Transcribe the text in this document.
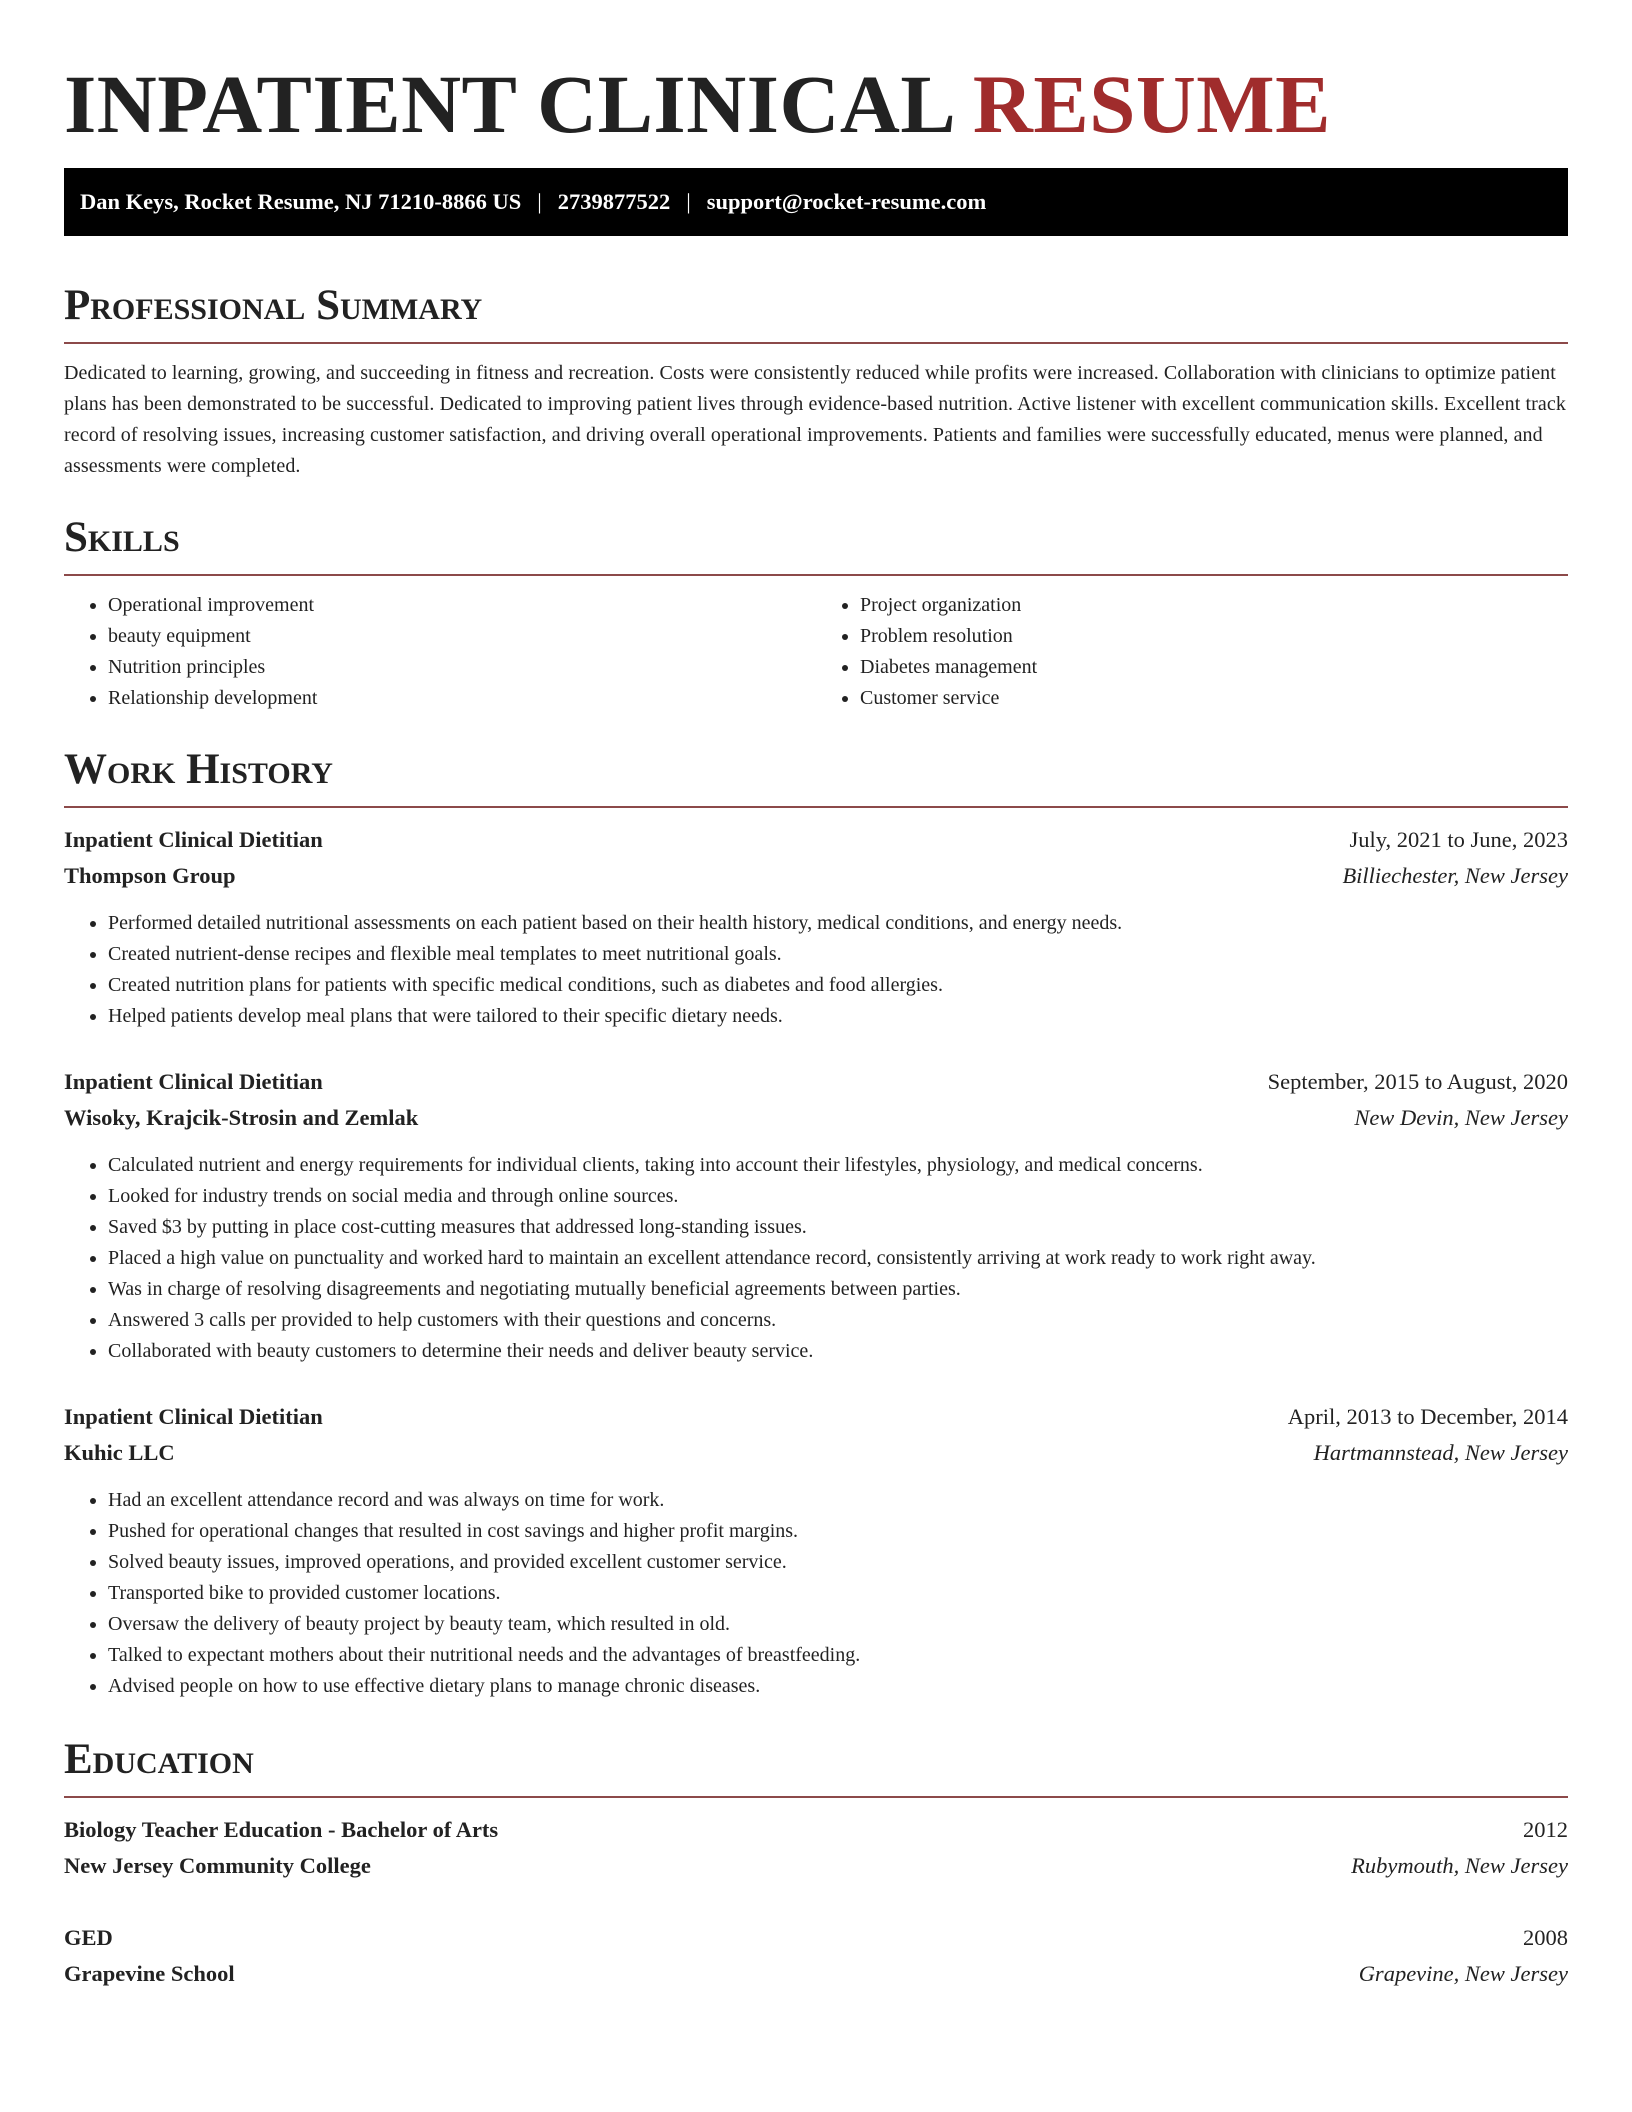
INPATIENT CLINICAL RESUME
Dan Keys, Rocket Resume, NJ 71210-8866 US | 2739877522 | support@rocket-resume.com
Professional Summary

Dedicated to learning, growing, and succeeding in fitness and recreation. Costs were consistently reduced while profits were increased. Collaboration with clinicians to optimize patient plans has been demonstrated to be successful. Dedicated to improving patient lives through evidence-based nutrition. Active listener with excellent communication skills. Excellent track record of resolving issues, increasing customer satisfaction, and driving overall operational improvements. Patients and families were successfully educated, menus were planned, and assessments were completed.

Skills
• Operational improvement
• beauty equipment
• Nutrition principles
• Relationship development
• Project organization
• Problem resolution
• Diabetes management
• Customer service
Work History
Inpatient Clinical Dietitian	July, 2021 to June, 2023
Thompson Group	Billiechester, New Jersey
• Performed detailed nutritional assessments on each patient based on their health history, medical conditions, and energy needs.
• Created nutrient-dense recipes and flexible meal templates to meet nutritional goals.
• Created nutrition plans for patients with specific medical conditions, such as diabetes and food allergies.
• Helped patients develop meal plans that were tailored to their specific dietary needs.
Inpatient Clinical Dietitian	September, 2015 to August, 2020
Wisoky, Krajcik-Strosin and Zemlak	New Devin, New Jersey
• Calculated nutrient and energy requirements for individual clients, taking into account their lifestyles, physiology, and medical concerns.
• Looked for industry trends on social media and through online sources.
• Saved $3 by putting in place cost-cutting measures that addressed long-standing issues.
• Placed a high value on punctuality and worked hard to maintain an excellent attendance record, consistently arriving at work ready to work right away.
• Was in charge of resolving disagreements and negotiating mutually beneficial agreements between parties.
• Answered 3 calls per provided to help customers with their questions and concerns.
• Collaborated with beauty customers to determine their needs and deliver beauty service.
Inpatient Clinical Dietitian	April, 2013 to December, 2014
Kuhic LLC	Hartmannstead, New Jersey
• Had an excellent attendance record and was always on time for work.
• Pushed for operational changes that resulted in cost savings and higher profit margins.
• Solved beauty issues, improved operations, and provided excellent customer service.
• Transported bike to provided customer locations.
• Oversaw the delivery of beauty project by beauty team, which resulted in old.
• Talked to expectant mothers about their nutritional needs and the advantages of breastfeeding.
• Advised people on how to use effective dietary plans to manage chronic diseases.
Education
Biology Teacher Education - Bachelor of Arts	2012
New Jersey Community College	Rubymouth, New Jersey
GED	2008
Grapevine School	Grapevine, New Jersey
